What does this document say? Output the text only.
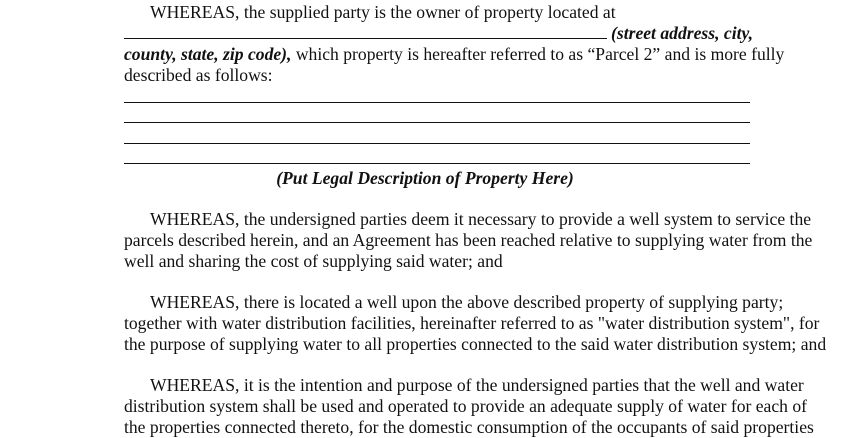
WHEREAS, the supplied party is the owner of property located at
(street address, city,
county, state, zip code), which property is hereafter referred to as “Parcel 2” and is more fully
described as follows:
(Put Legal Description of Property Here)
WHEREAS, the undersigned parties deem it necessary to provide a well system to service the
parcels described herein, and an Agreement has been reached relative to supplying water from the
well and sharing the cost of supplying said water; and
WHEREAS, there is located a well upon the above described property of supplying party;
together with water distribution facilities, hereinafter referred to as "water distribution system", for
the purpose of supplying water to all properties connected to the said water distribution system; and
WHEREAS, it is the intention and purpose of the undersigned parties that the well and water
distribution system shall be used and operated to provide an adequate supply of water for each of
the properties connected thereto, for the domestic consumption of the occupants of said properties
